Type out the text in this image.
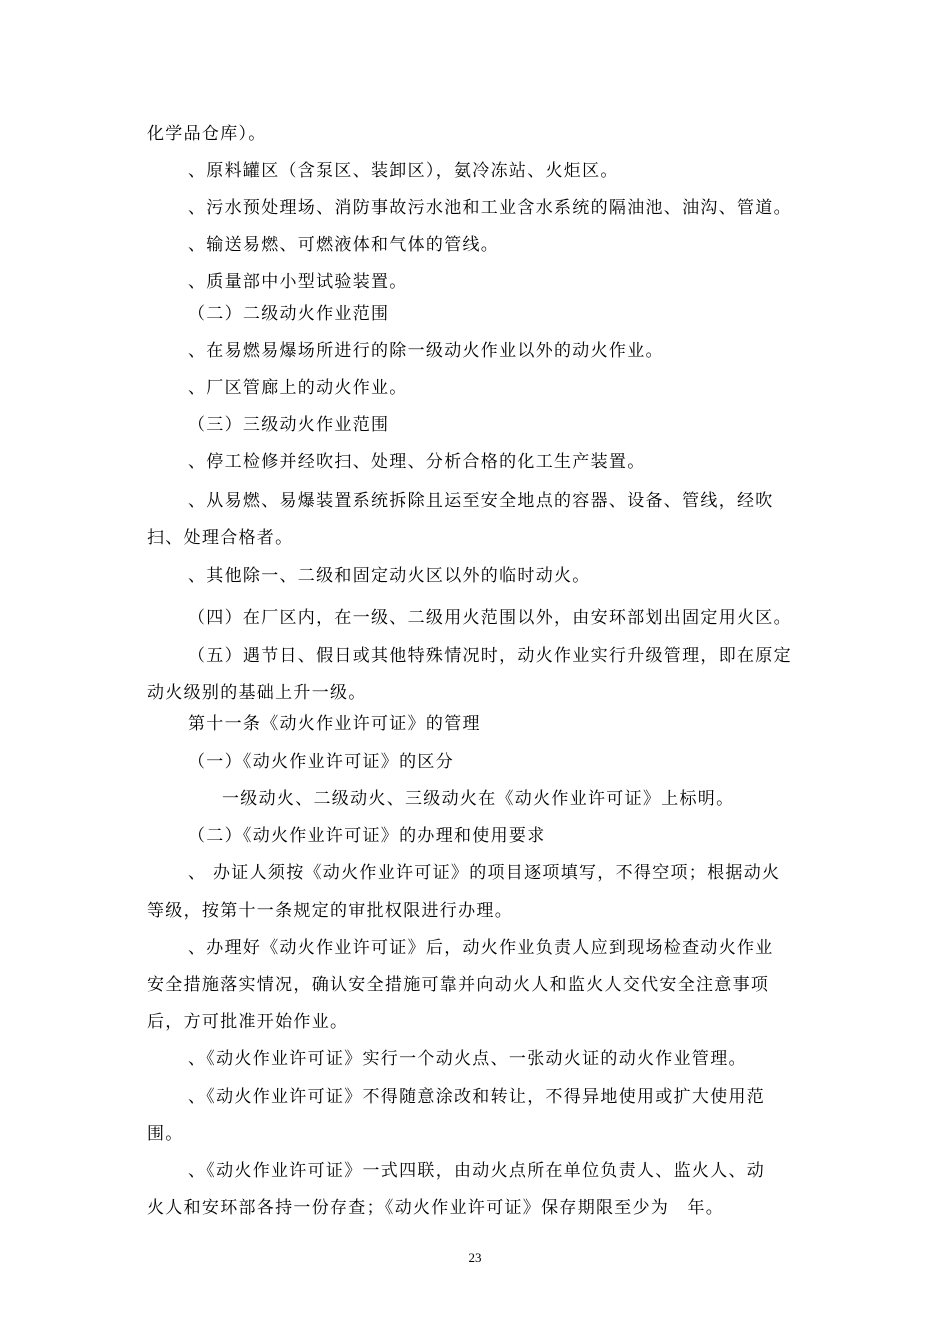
化学品仓库）。
、原料罐区（含泵区、装卸区），氨冷冻站、火炬区。
、污水预处理场、消防事故污水池和工业含水系统的隔油池、油沟、管道。
、输送易燃、可燃液体和气体的管线。
、质量部中小型试验装置。
（二）二级动火作业范围
、在易燃易爆场所进行的除一级动火作业以外的动火作业。
、厂区管廊上的动火作业。
（三）三级动火作业范围
、停工检修并经吹扫、处理、分析合格的化工生产装置。
、从易燃、易爆装置系统拆除且运至安全地点的容器、设备、管线，经吹
扫、处理合格者。
、其他除一、二级和固定动火区以外的临时动火。
（四）在厂区内，在一级、二级用火范围以外，由安环部划出固定用火区。
（五）遇节日、假日或其他特殊情况时，动火作业实行升级管理，即在原定
动火级别的基础上升一级。
第十一条《动火作业许可证》的管理
（一）《动火作业许可证》的区分
一级动火、二级动火、三级动火在《动火作业许可证》上标明。
（二）《动火作业许可证》的办理和使用要求
、 办证人须按《动火作业许可证》的项目逐项填写，不得空项；根据动火
等级，按第十一条规定的审批权限进行办理。
、办理好《动火作业许可证》后，动火作业负责人应到现场检查动火作业
安全措施落实情况，确认安全措施可靠并向动火人和监火人交代安全注意事项
后，方可批准开始作业。
、《动火作业许可证》实行一个动火点、一张动火证的动火作业管理。
、《动火作业许可证》不得随意涂改和转让，不得异地使用或扩大使用范
围。
、《动火作业许可证》一式四联，由动火点所在单位负责人、监火人、动
火人和安环部各持一份存查；《动火作业许可证》保存期限至少为　年。
23
